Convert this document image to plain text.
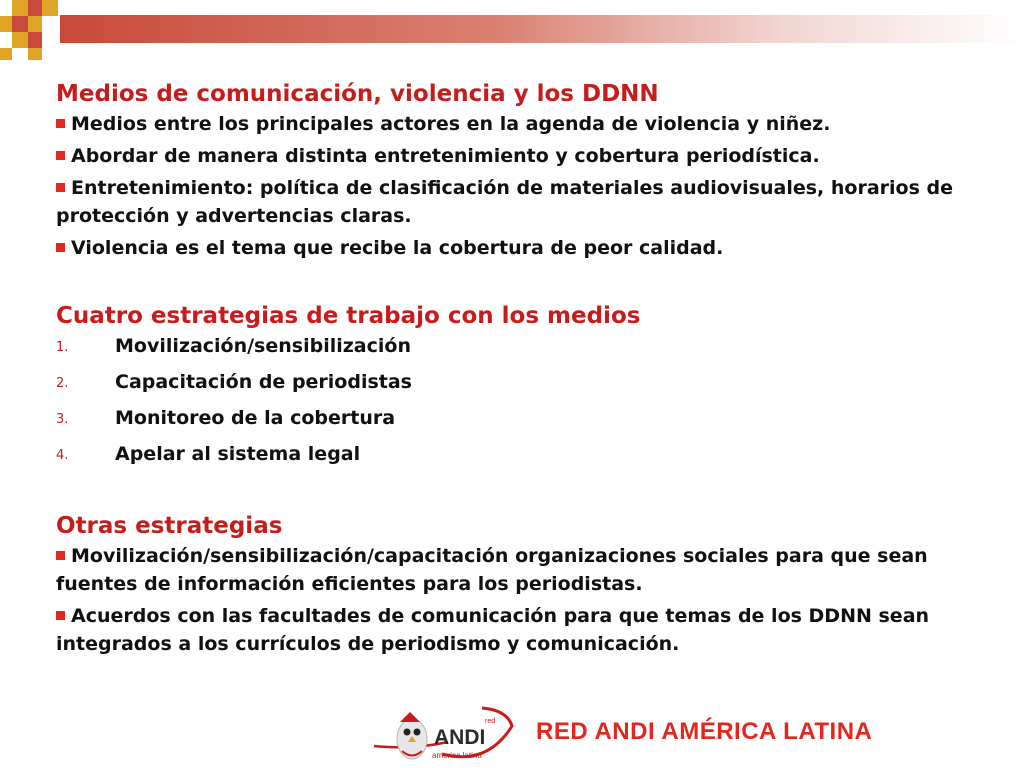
Medios de comunicación, violencia y los DDNN

Medios entre los principales actores en la agenda de violencia y niñez.

Abordar de manera distinta entretenimiento y cobertura periodística.

Entretenimiento: política de clasificación de materiales audiovisuales, horarios de protección y advertencias claras.

Violencia es el tema que recibe la cobertura de peor calidad.

Cuatro estrategias de trabajo con los medios

1.	Movilización/sensibilización
2.	Capacitación de periodistas
3.	Monitoreo de la cobertura
4.	Apelar al sistema legal

Otras estrategias

Movilización/sensibilización/capacitación organizaciones sociales para que sean fuentes de información eficientes para los periodistas.

Acuerdos con las facultades de comunicación para que temas de los DDNN sean integrados a los currículos de periodismo y comunicación.

red
ANDI
america latina
RED ANDI AMÉRICA LATINA
